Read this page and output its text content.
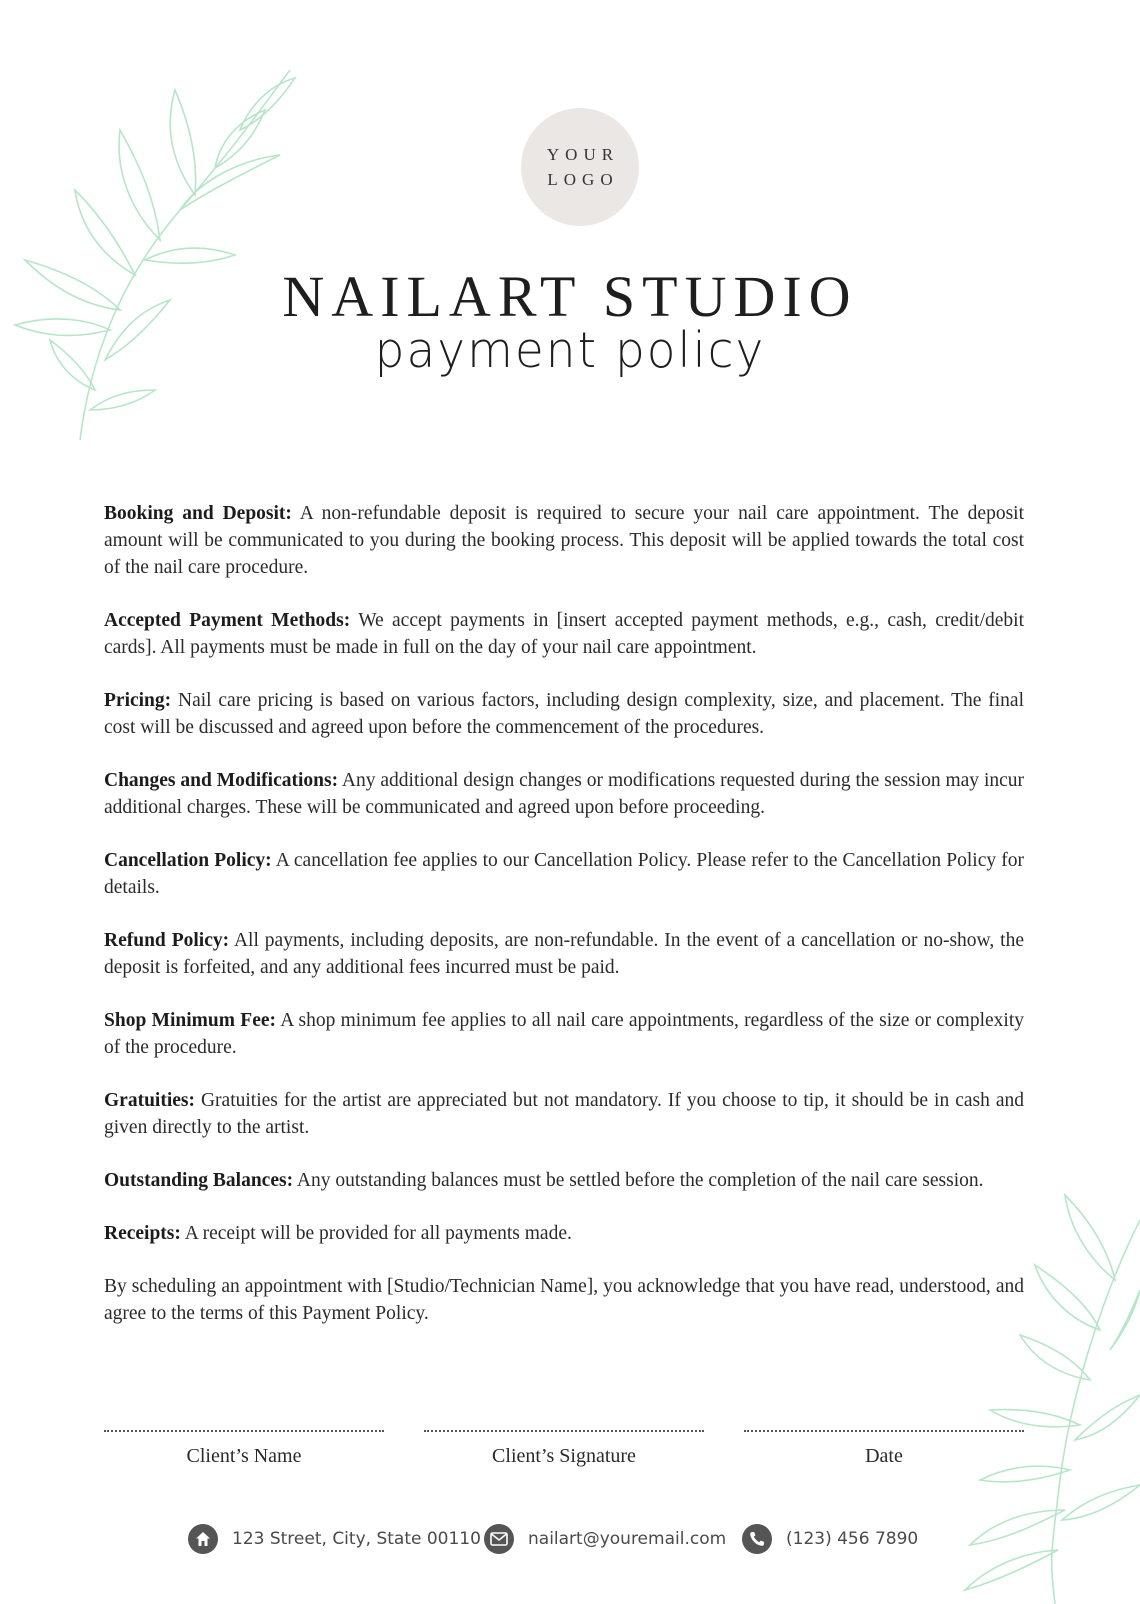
YOUR
LOGO
NAILART STUDIO
payment policy

Booking and Deposit: A non-refundable deposit is required to secure your nail care appointment. The deposit amount will be communicated to you during the booking process. This deposit will be applied towards the total cost of the nail care procedure.

Accepted Payment Methods: We accept payments in [insert accepted payment methods, e.g., cash, credit/debit cards]. All payments must be made in full on the day of your nail care appointment.

Pricing: Nail care pricing is based on various factors, including design complexity, size, and placement. The final cost will be discussed and agreed upon before the commencement of the procedures.

Changes and Modifications: Any additional design changes or modifications requested during the session may incur additional charges. These will be communicated and agreed upon before proceeding.

Cancellation Policy: A cancellation fee applies to our Cancellation Policy. Please refer to the Cancellation Policy for details.

Refund Policy: All payments, including deposits, are non-refundable. In the event of a cancellation or no-show, the deposit is forfeited, and any additional fees incurred must be paid.

Shop Minimum Fee: A shop minimum fee applies to all nail care appointments, regardless of the size or complexity of the procedure.

Gratuities: Gratuities for the artist are appreciated but not mandatory. If you choose to tip, it should be in cash and given directly to the artist.

Outstanding Balances: Any outstanding balances must be settled before the completion of the nail care session.

Receipts: A receipt will be provided for all payments made.

By scheduling an appointment with [Studio/Technician Name], you acknowledge that you have read, understood, and agree to the terms of this Payment Policy.

Client’s Name	Client’s Signature	Date
123 Street, City, State 00110	nailart@youremail.com	(123) 456 7890
